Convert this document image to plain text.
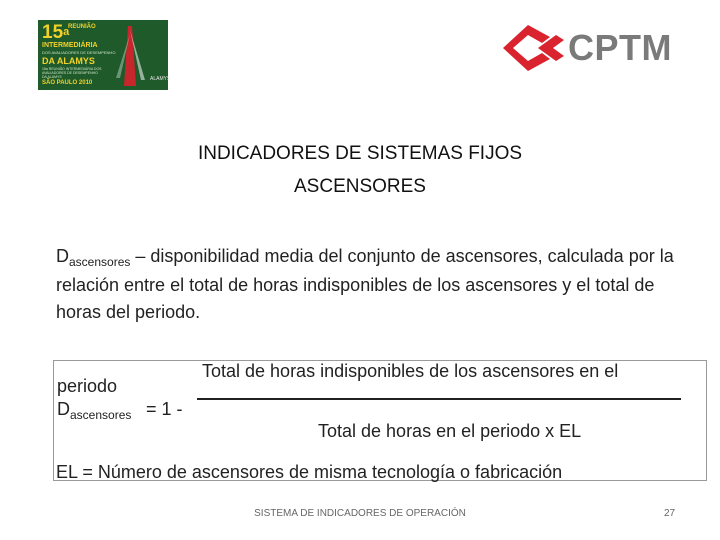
15$^a$
REUNIÃO
INTERMEDIÁRIA
DOS AVALIADORES DE DESEMPENHO
DA ALAMYS
15a REUNIÃO INTERMEDIÁRIA DOS AVALIADORES DE DESEMPENHO DA ALAMYS
SÃO PAULO 2010
ALAMYS
CPTM
INDICADORES DE SISTEMAS FIJOS
ASCENSORES
$D_{ascensores}$ – disponibilidad media del conjunto de ascensores, calculada por la relación entre el total de horas indisponibles de los ascensores y el total de horas del periodo.
Total de horas indisponibles de los ascensores en el
periodo
$D_{ascensores} = 1$ -
Total de horas en el periodo x EL
EL = Número de ascensores de misma tecnología o fabricación
SISTEMA DE INDICADORES DE OPERACIÓN	27
